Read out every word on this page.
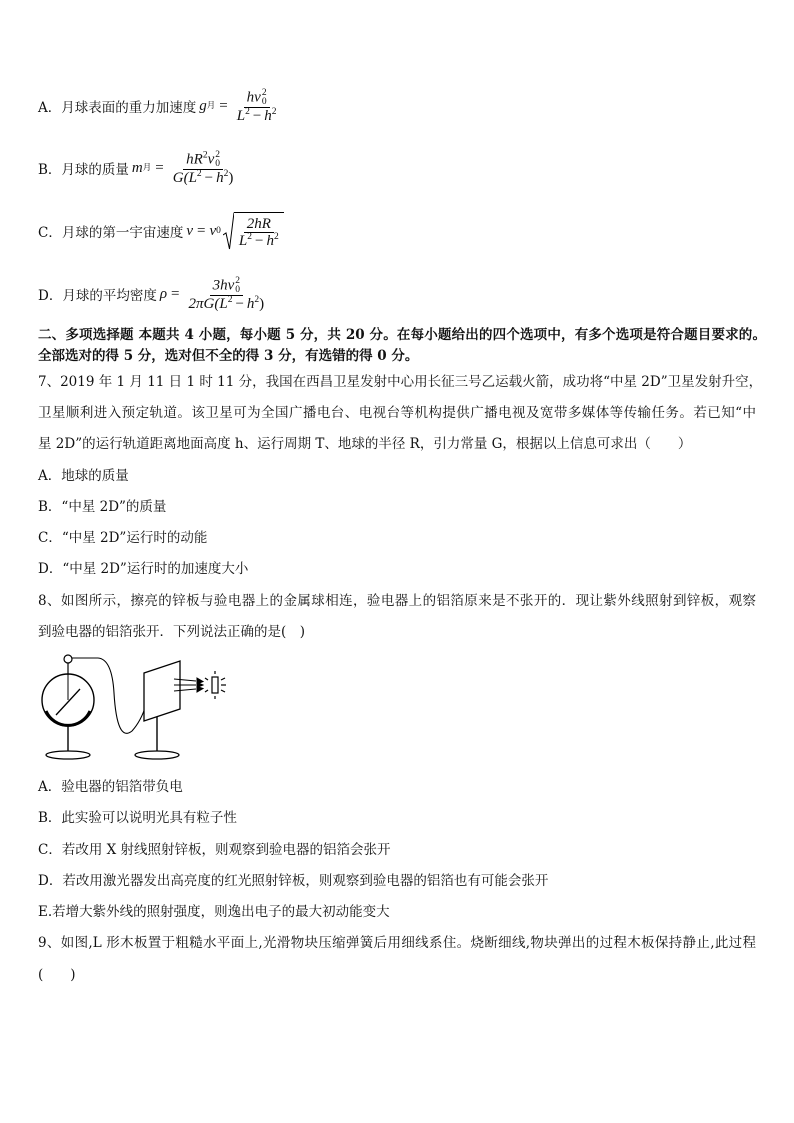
A．月球表面的重力加速度 g 月 = hv 2
0
$L^2 - h^2$
B．月球的质量 m 月 = $hR^2v$ 2
0
$G(L^2 - h^2)$
C．月球的第一宇宙速度 v = v $0 \frac{2hR}{L^2 - h^2}$
D．月球的平均密度 ρ = 3hv 2
0
$2\pi G(L^2 - h^2)$
二、多项选择题 本题共 4 小题，每小题 5 分，共 20 分。在每小题给出的四个选项中，有多个选项是符合题目要求的。
全部选对的得 5 分，选对但不全的得 3 分，有选错的得 0 分。
7、2019 年 1 月 11 日 1 时 11 分，我国在西昌卫星发射中心用长征三号乙运载火箭，成功将“中星 2D”卫星发射升空，
卫星顺利进入预定轨道。该卫星可为全国广播电台、电视台等机构提供广播电视及宽带多媒体等传输任务。若已知“中
星 2D”的运行轨道距离地面高度 h、运行周期 T、地球的半径 R，引力常量 G，根据以上信息可求出（　　）
A．地球的质量
B．“中星 2D”的质量
C．“中星 2D”运行时的动能
D．“中星 2D”运行时的加速度大小
8、如图所示，擦亮的锌板与验电器上的金属球相连，验电器上的铝箔原来是不张开的．现让紫外线照射到锌板，观察
到验电器的铝箔张开．下列说法正确的是(　)
A．验电器的铝箔带负电
B．此实验可以说明光具有粒子性
C．若改用 X 射线照射锌板，则观察到验电器的铝箔会张开
D．若改用激光器发出高亮度的红光照射锌板，则观察到验电器的铝箔也有可能会张开
E.若增大紫外线的照射强度，则逸出电子的最大初动能变大
9、如图,L 形木板置于粗糙水平面上,光滑物块压缩弹簧后用细线系住。烧断细线,物块弹出的过程木板保持静止,此过程
(　　)
